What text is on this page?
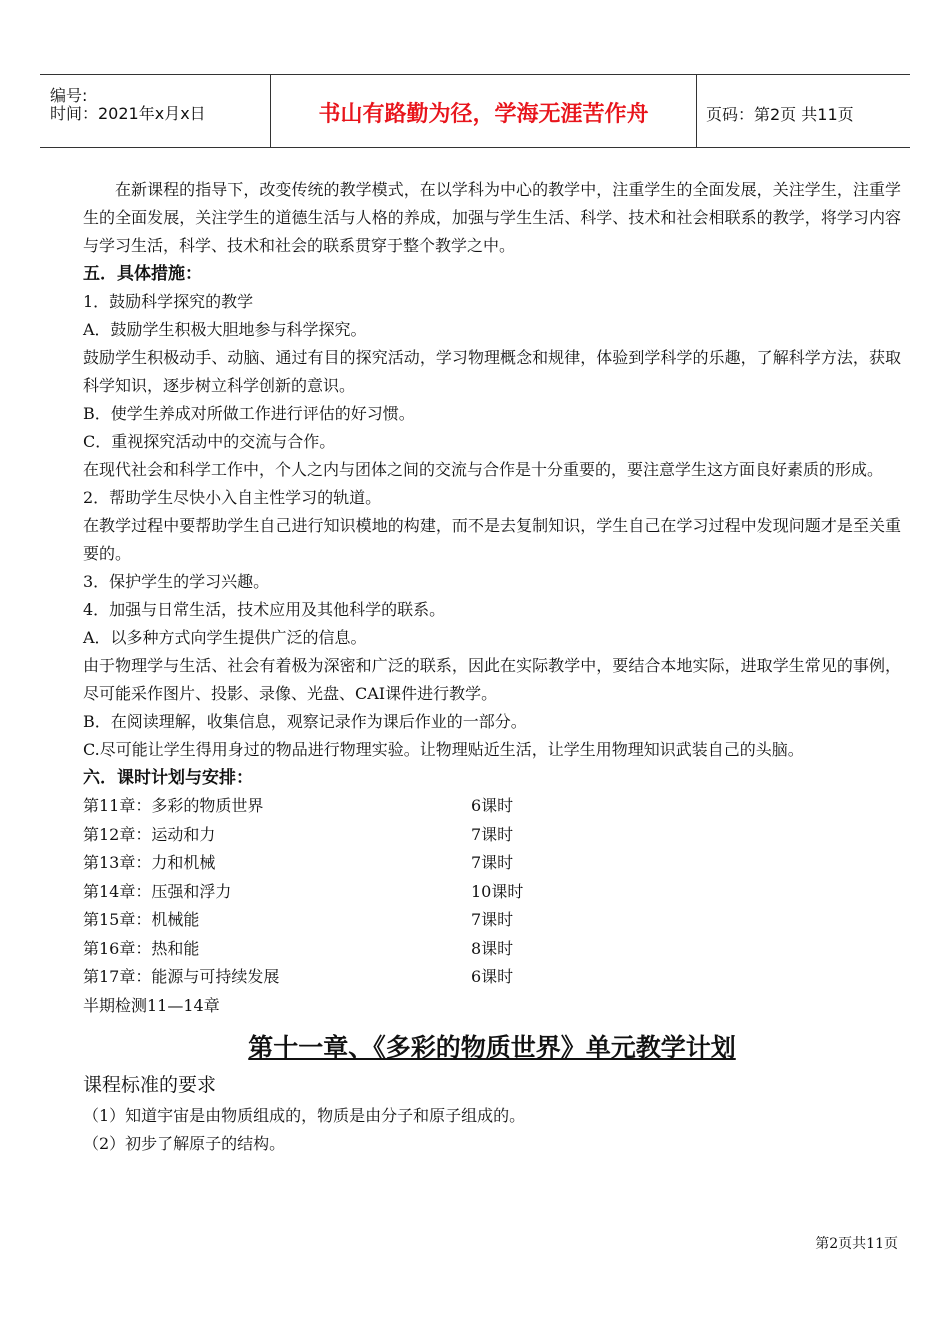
编号:
时间：2021年x月x日	书山有路勤为径，学海无涯苦作舟	页码：第2页 共11页

在新课程的指导下，改变传统的教学模式，在以学科为中心的教学中，注重学生的全面发展，关注学生，注重学生的全面发展，关注学生的道德生活与人格的养成，加强与学生生活、科学、技术和社会相联系的教学，将学习内容与学习生活，科学、技术和社会的联系贯穿于整个教学之中。

五．具体措施：

1．鼓励科学探究的教学

A．鼓励学生积极大胆地参与科学探究。

鼓励学生积极动手、动脑、通过有目的探究活动，学习物理概念和规律，体验到学科学的乐趣，了解科学方法，获取科学知识，逐步树立科学创新的意识。

B．使学生养成对所做工作进行评估的好习惯。

C．重视探究活动中的交流与合作。

在现代社会和科学工作中，个人之内与团体之间的交流与合作是十分重要的，要注意学生这方面良好素质的形成。

2．帮助学生尽快小入自主性学习的轨道。

在教学过程中要帮助学生自己进行知识模地的构建，而不是去复制知识，学生自己在学习过程中发现问题才是至关重要的。

3．保护学生的学习兴趣。

4．加强与日常生活，技术应用及其他科学的联系。

A．以多种方式向学生提供广泛的信息。

由于物理学与生活、社会有着极为深密和广泛的联系，因此在实际教学中，要结合本地实际，进取学生常见的事例，尽可能采作图片、投影、录像、光盘、CAI课件进行教学。

B．在阅读理解，收集信息，观察记录作为课后作业的一部分。

C.尽可能让学生得用身过的物品进行物理实验。让物理贴近生活，让学生用物理知识武装自己的头脑。

六．课时计划与安排：

第11章：多彩的物质世界	6课时
第12章：运动和力	7课时
第13章：力和机械	7课时
第14章：压强和浮力	10课时
第15章：机械能	7课时
第16章：热和能	8课时
第17章：能源与可持续发展	6课时
半期检测11—14章

第十一章、《多彩的物质世界》单元教学计划

课程标准的要求

（1）知道宇宙是由物质组成的，物质是由分子和原子组成的。

（2）初步了解原子的结构。

第2页共11页
